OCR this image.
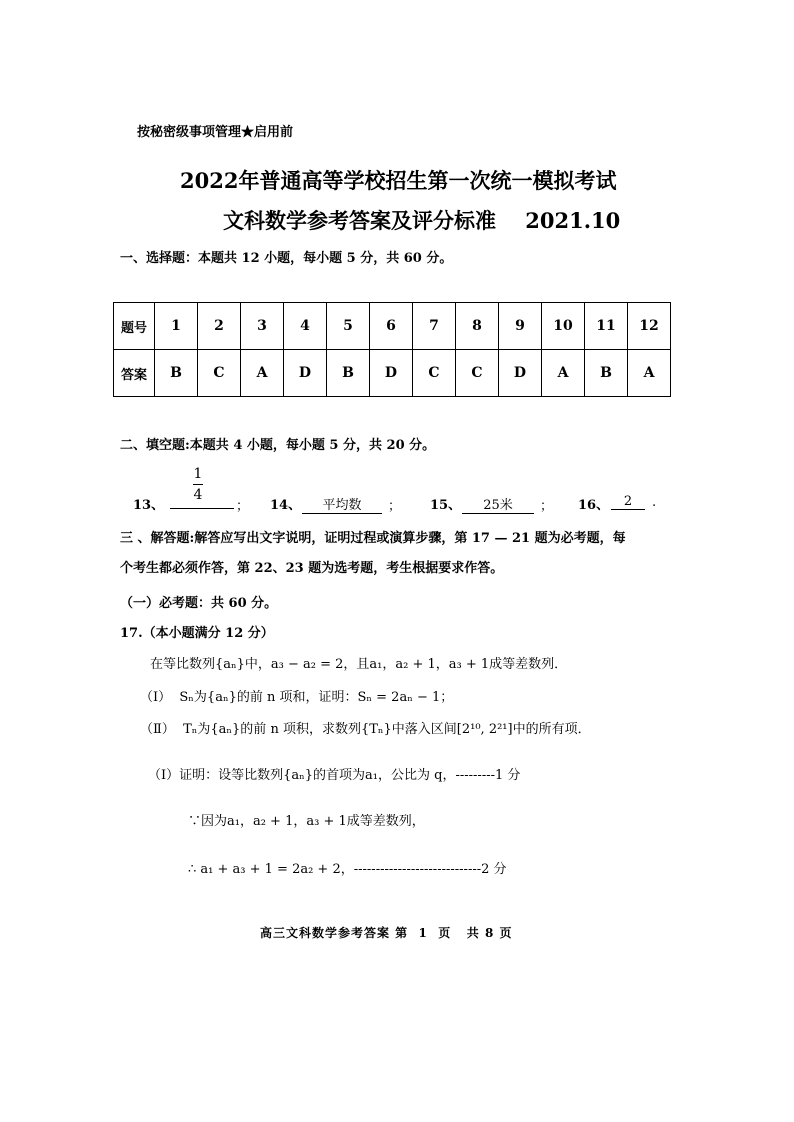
按秘密级事项管理★启用前
2022年普通高等学校招生第一次统一模拟考试
文科数学参考答案及评分标准    2021.10
一、选择题：本题共 12 小题，每小题 5 分，共 60 分。
题号	1	2	3	4	5	6	7	8	9	10	11	12
答案	B	C	A	D	B	D	C	C	D	A	B	A
二、填空题:本题共 4 小题，每小题 5 分，共 20 分。
13、
1
4
； 14、	平均数	； 15、	25米	； 16、	2	.
三 、解答题:解答应写出文字说明，证明过程或演算步骤，第 17 — 21 题为必考题，每
个考生都必须作答，第 22、23 题为选考题，考生根据要求作答。
（一）必考题：共 60 分。
17.（本小题满分 12 分）
在等比数列{aₙ}中，a₃ − a₂ = 2，且a₁，a₂ + 1，a₃ + 1成等差数列．
（Ⅰ）  Sₙ为{aₙ}的前 n 项和，证明：Sₙ = 2aₙ − 1；
（Ⅱ）  Tₙ为{aₙ}的前 n 项积，求数列{Tₙ}中落入区间[2¹⁰, 2²¹]中的所有项．
（Ⅰ）证明：设等比数列{aₙ}的首项为a₁，公比为 q，---------1 分
∵因为a₁，a₂ + 1，a₃ + 1成等差数列，
∴ a₁ + a₃ + 1 = 2a₂ + 2，-----------------------------2 分
高三文科数学参考答案 第  1  页   共 8 页
